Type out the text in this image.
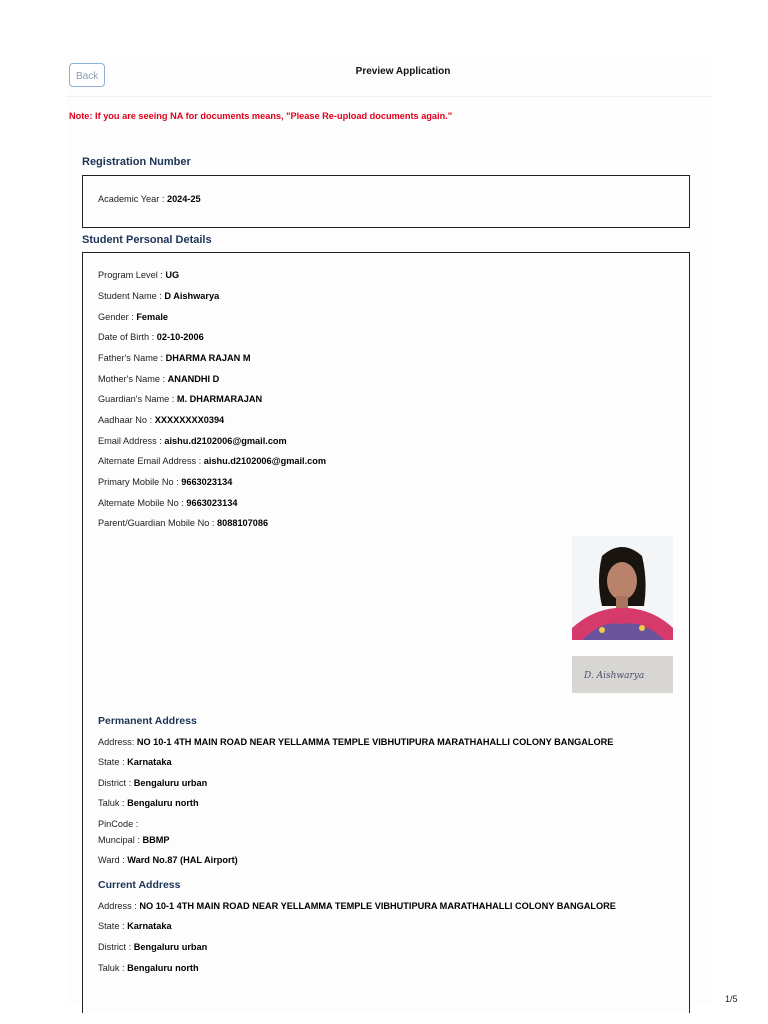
Back	Preview Application
Note: If you are seeing NA for documents means, "Please Re-upload documents again."
Registration Number
Academic Year : 2024-25
Student Personal Details
Program Level : UG
Student Name : D Aishwarya
Gender : Female
Date of Birth : 02-10-2006
Father's Name : DHARMA RAJAN M
Mother's Name : ANANDHI D
Guardian's Name : M. DHARMARAJAN
Aadhaar No : XXXXXXXX0394
Email Address : aishu.d2102006@gmail.com
Alternate Email Address : aishu.d2102006@gmail.com
Primary Mobile No : 9663023134
Alternate Mobile No : 9663023134
Parent/Guardian Mobile No : 8088107086
D. Aishwarya
Permanent Address
Address: NO 10-1 4TH MAIN ROAD NEAR YELLAMMA TEMPLE VIBHUTIPURA MARATHAHALLI COLONY BANGALORE
State : Karnataka
District : Bengaluru urban
Taluk : Bengaluru north
PinCode :
Muncipal : BBMP
Ward : Ward No.87 (HAL Airport)
Current Address
Address : NO 10-1 4TH MAIN ROAD NEAR YELLAMMA TEMPLE VIBHUTIPURA MARATHAHALLI COLONY BANGALORE
State : Karnataka
District : Bengaluru urban
Taluk : Bengaluru north
1/5
